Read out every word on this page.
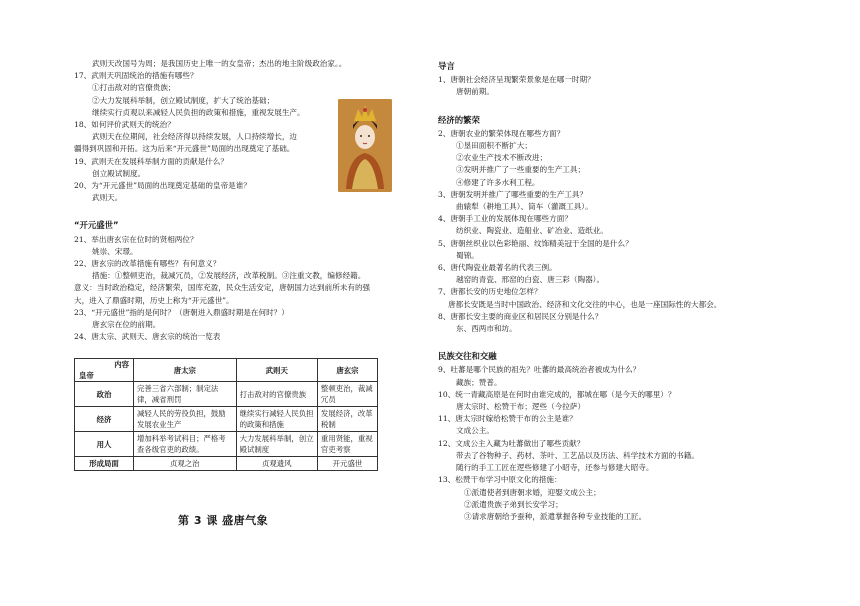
武则天改国号为周；是我国历史上唯一的女皇帝；杰出的地主阶级政治家。。
17、武则天巩固统治的措施有哪些？
①打击敌对的官僚贵族；
②大力发展科举制，创立殿试制度，扩大了统治基础；
继续实行贞观以来减轻人民负担的政策和措施，重视发展生产。
18、如何评价武则天的统治？
武则天在位期间，社会经济得以持续发展，人口持续增长，边
疆得到巩固和开拓。这为后来“开元盛世”局面的出现奠定了基础。
19、武则天在发展科举制方面的贡献是什么？
创立殿试制度。
20、为“开元盛世”局面的出现奠定基础的皇帝是谁？
武则天。
“开元盛世”
21、举出唐玄宗在位时的贤相两位？
姚崇、宋璟。
22、唐玄宗的改革措施有哪些？有何意义？
措施：①整顿吏治，裁减冗员，②发展经济，改革税制。③注重文教，编修经籍。
意义：当时政治稳定，经济繁荣，国库充盈，民众生活安定，唐朝国力达到前所未有的强
大，进入了鼎盛时期，历史上称为“开元盛世”。
23、“开元盛世”指的是何时？（唐朝进入鼎盛时期是在何时？）
唐玄宗在位的前期。
24、唐太宗、武则天、唐玄宗的统治一览表
内容
皇帝	唐太宗	武则天	唐玄宗
政治	完善三省六部制；制定法律，减省刑罚	打击敌对的官僚贵族	整顿吏治，裁减冗员
经济	减轻人民的劳役负担，鼓励发展农业生产	继续实行减轻人民负担的政策和措施	发展经济，改革税制
用人	增加科举考试科目；严格考查各级官吏的政绩。	大力发展科举制，创立殿试制度	重用贤能，重视官吏考察
形成局面	贞观之治	贞观遗风	开元盛世
第 3 课 盛唐气象
导言
1、唐朝社会经济呈现繁荣景象是在哪一时期？
唐朝前期。
经济的繁荣
2、唐朝农业的繁荣体现在哪些方面？
①垦田面积不断扩大；
②农业生产技术不断改进；
③发明并推广了一些重要的生产工具；
④修建了许多水利工程。
3、唐朝发明并推广了哪些重要的生产工具？
曲辕犁（耕地工具）、筒车（灌溉工具）。
4、唐朝手工业的发展体现在哪些方面？
纺织业、陶瓷业、造船业、矿冶业、造纸业。
5、唐朝丝织业以色彩艳丽、纹饰精美冠于全国的是什么？
蜀锦。
6、唐代陶瓷业最著名的代表三例。
越窑的青瓷、邢窑的白瓷、唐三彩（陶器）。
7、唐都长安的历史地位怎样？
唐都长安既是当时中国政治、经济和文化交往的中心，也是一座国际性的大都会。
8、唐都长安主要的商业区和居民区分别是什么？
东、西两市和坊。
民族交往和交融
9、吐蕃是哪个民族的祖先？吐蕃的最高统治者被成为什么？
藏族；赞普。
10、统一青藏高原是在何时由谁完成的，都城在哪（是今天的哪里）？
唐太宗时、松赞干布；逻些（今拉萨）
11、唐太宗时嫁给松赞干布的公主是谁？
文成公主。
12、文成公主入藏为吐蕃做出了哪些贡献？
带去了谷物种子、药材、茶叶、工艺品以及历法、科学技术方面的书籍。
随行的手工工匠在逻些修建了小昭寺，还参与修建大昭寺。
13、松赞干布学习中原文化的措施：
①派遣使者到唐朝求婚，迎娶文成公主；
②派遣贵族子弟到长安学习；
③请求唐朝给予蚕种，派遣掌握各种专业技能的工匠。
